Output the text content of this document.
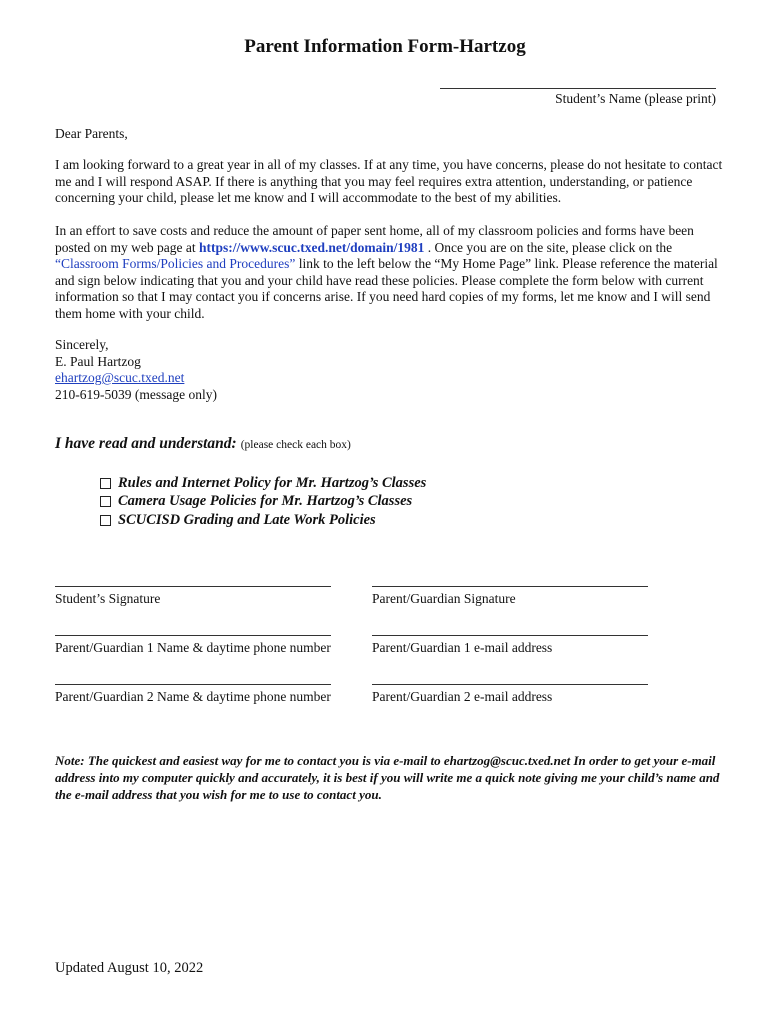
Parent Information Form-Hartzog
Student’s Name (please print)
Dear Parents,
I am looking forward to a great year in all of my classes. If at any time, you have concerns, please do not hesitate to contact me and I will respond ASAP. If there is anything that you may feel requires extra attention, understanding, or patience concerning your child, please let me know and I will accommodate to the best of my abilities.
In an effort to save costs and reduce the amount of paper sent home, all of my classroom policies and forms have been posted on my web page at https://www.scuc.txed.net/domain/1981 . Once you are on the site, please click on the “Classroom Forms/Policies and Procedures” link to the left below the “My Home Page” link. Please reference the material and sign below indicating that you and your child have read these policies. Please complete the form below with current information so that I may contact you if concerns arise. If you need hard copies of my forms, let me know and I will send them home with your child.

Sincerely,

E. Paul Hartzog

ehartzog@scuc.txed.net

210-619-5039 (message only)

I have read and understand: (please check each box)
Rules and Internet Policy for Mr. Hartzog’s Classes
Camera Usage Policies for Mr. Hartzog’s Classes
SCUCISD Grading and Late Work Policies
Student’s Signature	Parent/Guardian Signature
Parent/Guardian 1 Name & daytime phone number	Parent/Guardian 1 e-mail address
Parent/Guardian 2 Name & daytime phone number	Parent/Guardian 2 e-mail address
Note: The quickest and easiest way for me to contact you is via e-mail to ehartzog@scuc.txed.net In order to get your e-mail address into my computer quickly and accurately, it is best if you will write me a quick note giving me your child’s name and the e-mail address that you wish for me to use to contact you.
Updated August 10, 2022
